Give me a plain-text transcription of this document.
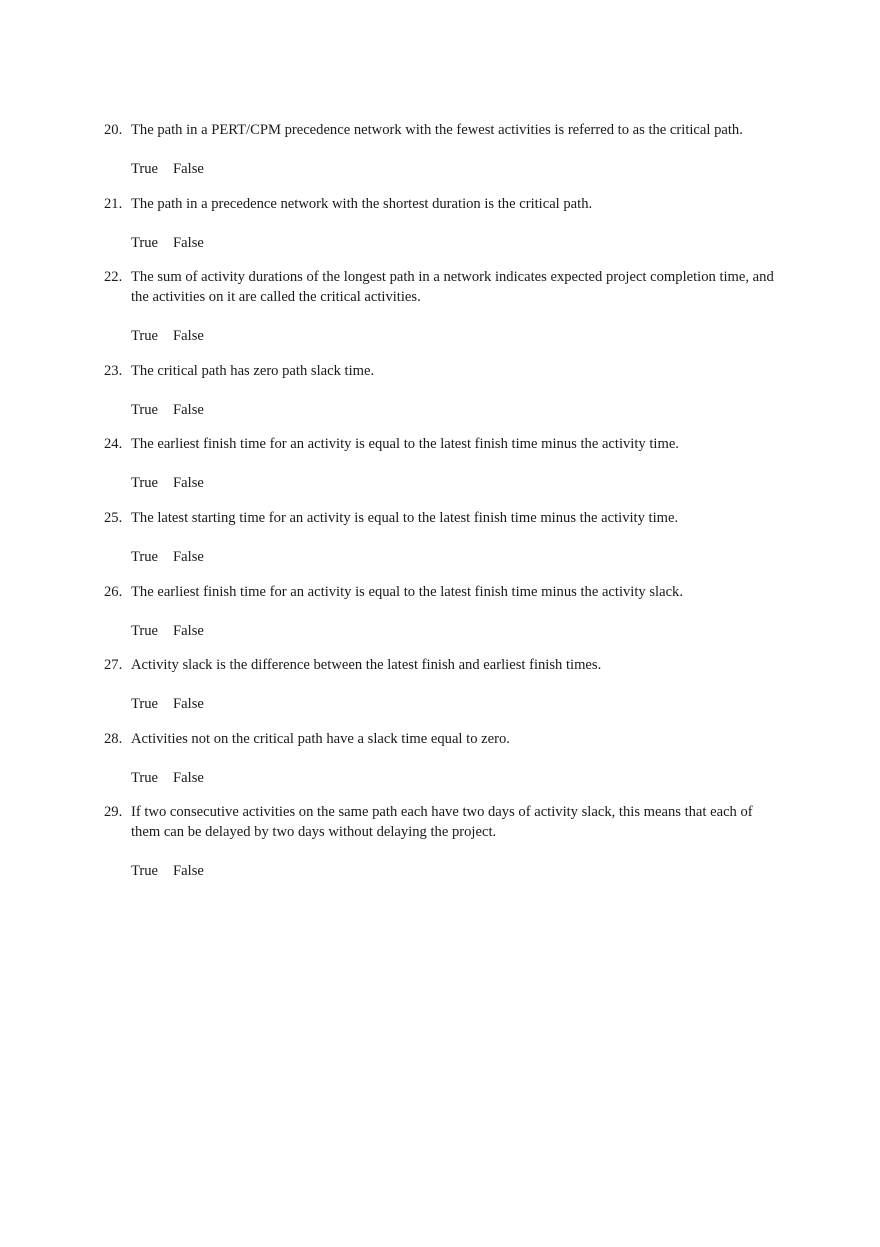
20. The path in a PERT/CPM precedence network with the fewest activities is referred to as the critical path.
True False
21. The path in a precedence network with the shortest duration is the critical path.
True False
22. The sum of activity durations of the longest path in a network indicates expected project completion time, and the activities on it are called the critical activities.
True False
23. The critical path has zero path slack time.
True False
24. The earliest finish time for an activity is equal to the latest finish time minus the activity time.
True False
25. The latest starting time for an activity is equal to the latest finish time minus the activity time.
True False
26. The earliest finish time for an activity is equal to the latest finish time minus the activity slack.
True False
27. Activity slack is the difference between the latest finish and earliest finish times.
True False
28. Activities not on the critical path have a slack time equal to zero.
True False
29. If two consecutive activities on the same path each have two days of activity slack, this means that each of them can be delayed by two days without delaying the project.
True False
